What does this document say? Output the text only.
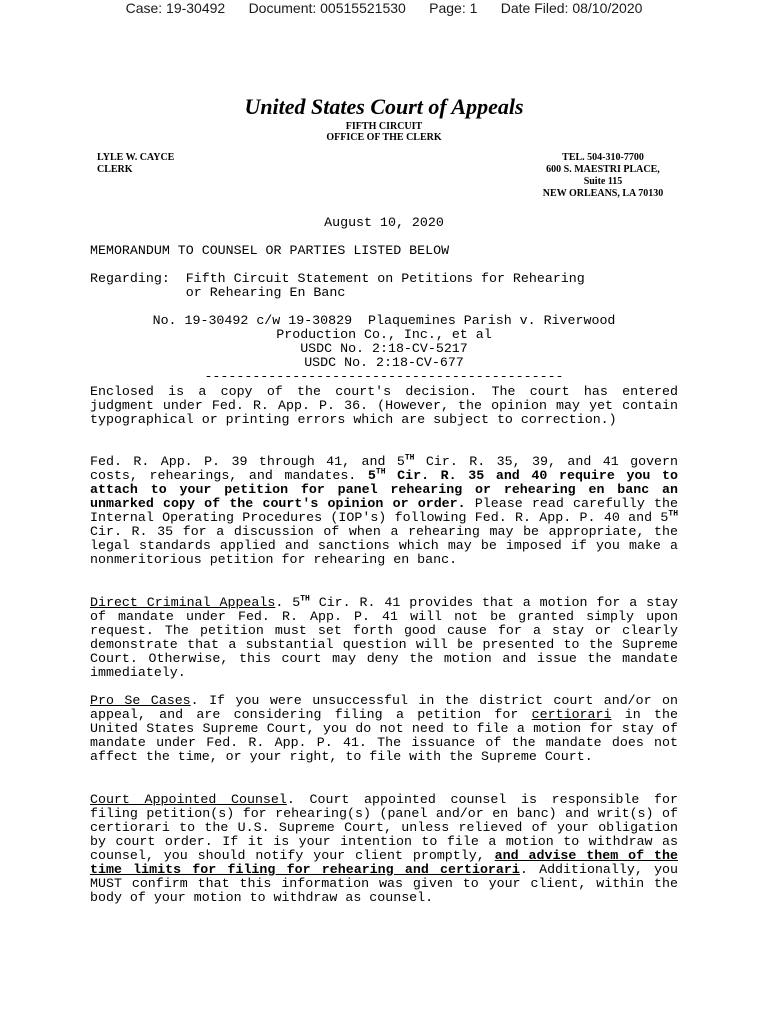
Case: 19-30492 Document: 00515521530 Page: 1 Date Filed: 08/10/2020
United States Court of Appeals
FIFTH CIRCUIT
OFFICE OF THE CLERK
LYLE W. CAYCE
CLERK
TEL. 504-310-7700
600 S. MAESTRI PLACE,
Suite 115
NEW ORLEANS, LA 70130
August 10, 2020
MEMORANDUM TO COUNSEL OR PARTIES LISTED BELOW
Regarding: Fifth Circuit Statement on Petitions for Rehearing
or Rehearing En Banc
No. 19-30492 c/w 19-30829  Plaquemines Parish v. Riverwood
Production Co., Inc., et al
USDC No. 2:18-CV-5217
USDC No. 2:18-CV-677
---------------------------------------------

Enclosed is a copy of the court's decision. The court has entered judgment under Fed. R. App. P. 36. (However, the opinion may yet contain typographical or printing errors which are subject to correction.)

Fed. R. App. P. 39 through 41, and 5TH Cir. R. 35, 39, and 41 govern costs, rehearings, and mandates. 5TH Cir. R. 35 and 40 require you to attach to your petition for panel rehearing or rehearing en banc an unmarked copy of the court's opinion or order. Please read carefully the Internal Operating Procedures (IOP's) following Fed. R. App. P. 40 and 5TH Cir. R. 35 for a discussion of when a rehearing may be appropriate, the legal standards applied and sanctions which may be imposed if you make a nonmeritorious petition for rehearing en banc.

Direct Criminal Appeals. 5TH Cir. R. 41 provides that a motion for a stay of mandate under Fed. R. App. P. 41 will not be granted simply upon request. The petition must set forth good cause for a stay or clearly demonstrate that a substantial question will be presented to the Supreme Court. Otherwise, this court may deny the motion and issue the mandate immediately.

Pro Se Cases. If you were unsuccessful in the district court and/or on appeal, and are considering filing a petition for certiorari in the United States Supreme Court, you do not need to file a motion for stay of mandate under Fed. R. App. P. 41. The issuance of the mandate does not affect the time, or your right, to file with the Supreme Court.

Court Appointed Counsel. Court appointed counsel is responsible for filing petition(s) for rehearing(s) (panel and/or en banc) and writ(s) of certiorari to the U.S. Supreme Court, unless relieved of your obligation by court order. If it is your intention to file a motion to withdraw as counsel, you should notify your client promptly, and advise them of the time limits for filing for rehearing and certiorari. Additionally, you MUST confirm that this information was given to your client, within the body of your motion to withdraw as counsel.
